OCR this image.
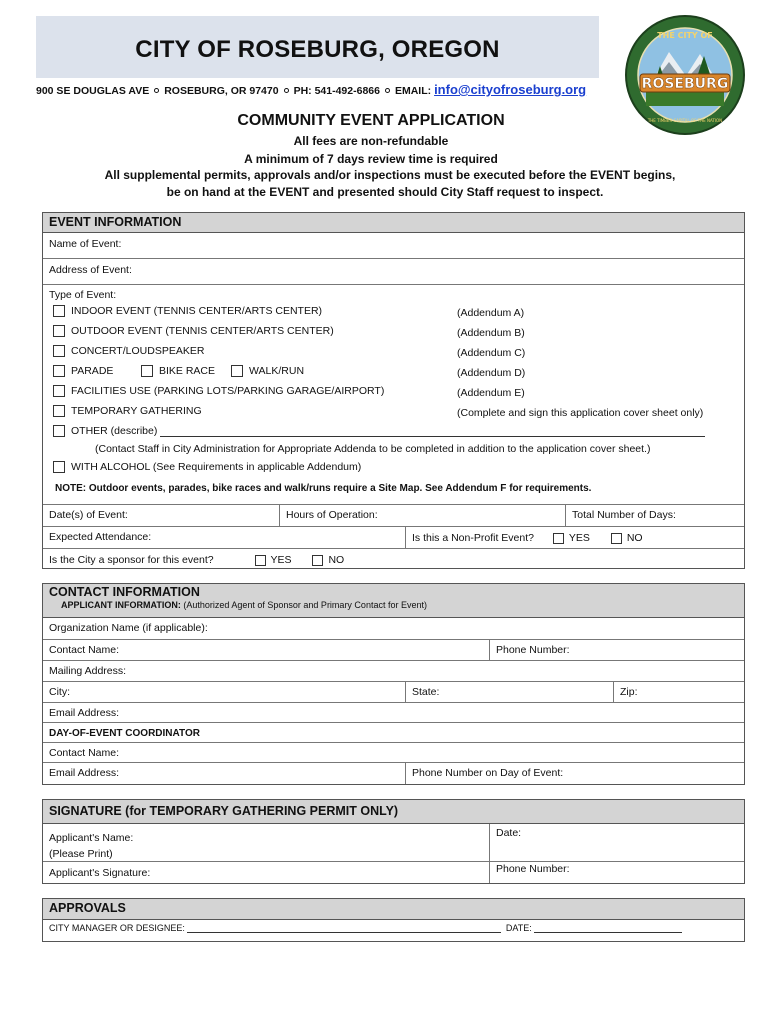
CITY OF ROSEBURG, OREGON
900 SE DOUGLAS AVE ROSEBURG, OR 97470 PH: 541-492-6866 EMAIL: info@cityofroseburg.org	ROSEBURG
THE CITY OF
THE TIMBER CAPITAL OF THE NATION
COMMUNITY EVENT APPLICATION
All fees are non-refundable
A minimum of 7 days review time is required
All supplemental permits, approvals and/or inspections must be executed before the EVENT begins,
be on hand at the EVENT and presented should City Staff request to inspect.
EVENT INFORMATION
Name of Event:
Address of Event:
Type of Event:
INDOOR EVENT (TENNIS CENTER/ARTS CENTER)	(Addendum A)
OUTDOOR EVENT (TENNIS CENTER/ARTS CENTER)	(Addendum B)
CONCERT/LOUDSPEAKER	(Addendum C)
PARADE	BIKE RACE	WALK/RUN	(Addendum D)
FACILITIES USE (PARKING LOTS/PARKING GARAGE/AIRPORT)	(Addendum E)
TEMPORARY GATHERING	(Complete and sign this application cover sheet only)
OTHER (describe)
(Contact Staff in City Administration for Appropriate Addenda to be completed in addition to the application cover sheet.)
WITH ALCOHOL (See Requirements in applicable Addendum)
NOTE: Outdoor events, parades, bike races and walk/runs require a Site Map. See Addendum F for requirements.
Date(s) of Event:	Hours of Operation:	Total Number of Days:
Expected Attendance:	Is this a Non-Profit Event?	YES	NO
Is the City a sponsor for this event?	YES	NO
CONTACT INFORMATION
APPLICANT INFORMATION: (Authorized Agent of Sponsor and Primary Contact for Event)
Organization Name (if applicable):
Contact Name:	Phone Number:
Mailing Address:
City:	State:	Zip:
Email Address:
DAY-OF-EVENT COORDINATOR
Contact Name:
Email Address:	Phone Number on Day of Event:
SIGNATURE (for TEMPORARY GATHERING PERMIT ONLY)
Applicant's Name:
(Please Print)
Date:
Applicant's Signature:	Phone Number:
APPROVALS
CITY MANAGER OR DESIGNEE:	DATE:
